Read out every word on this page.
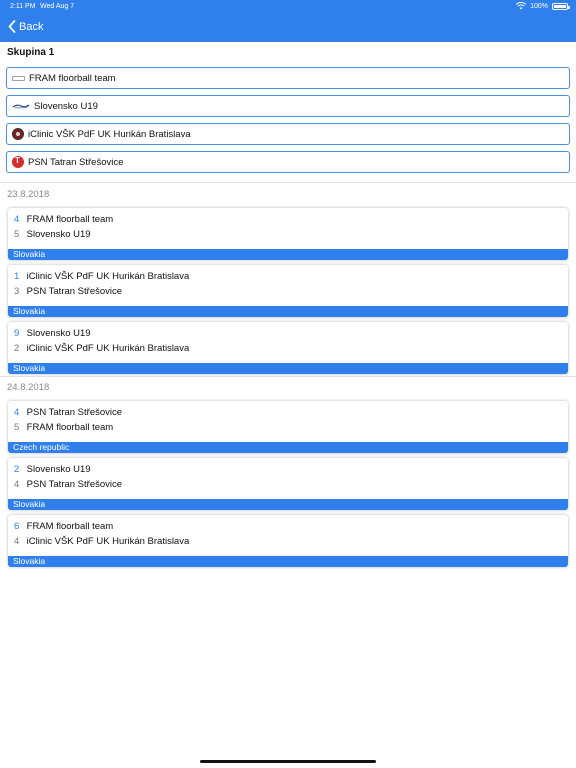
2:11 PM Wed Aug 7	100%
Back
Skupina 1
FRAM floorball team
Slovensko U19
iClinic VŠK PdF UK Hurikán Bratislava
T
PSN Tatran Střešovice
23.8.2018
4 FRAM floorball team
5 Slovensko U19
Slovakia
1 iClinic VŠK PdF UK Hurikán Bratislava
3 PSN Tatran Střešovice
Slovakia
9 Slovensko U19
2 iClinic VŠK PdF UK Hurikán Bratislava
Slovakia
24.8.2018
4 PSN Tatran Střešovice
5 FRAM floorball team
Czech republic
2 Slovensko U19
4 PSN Tatran Střešovice
Slovakia
6 FRAM floorball team
4 iClinic VŠK PdF UK Hurikán Bratislava
Slovakia
